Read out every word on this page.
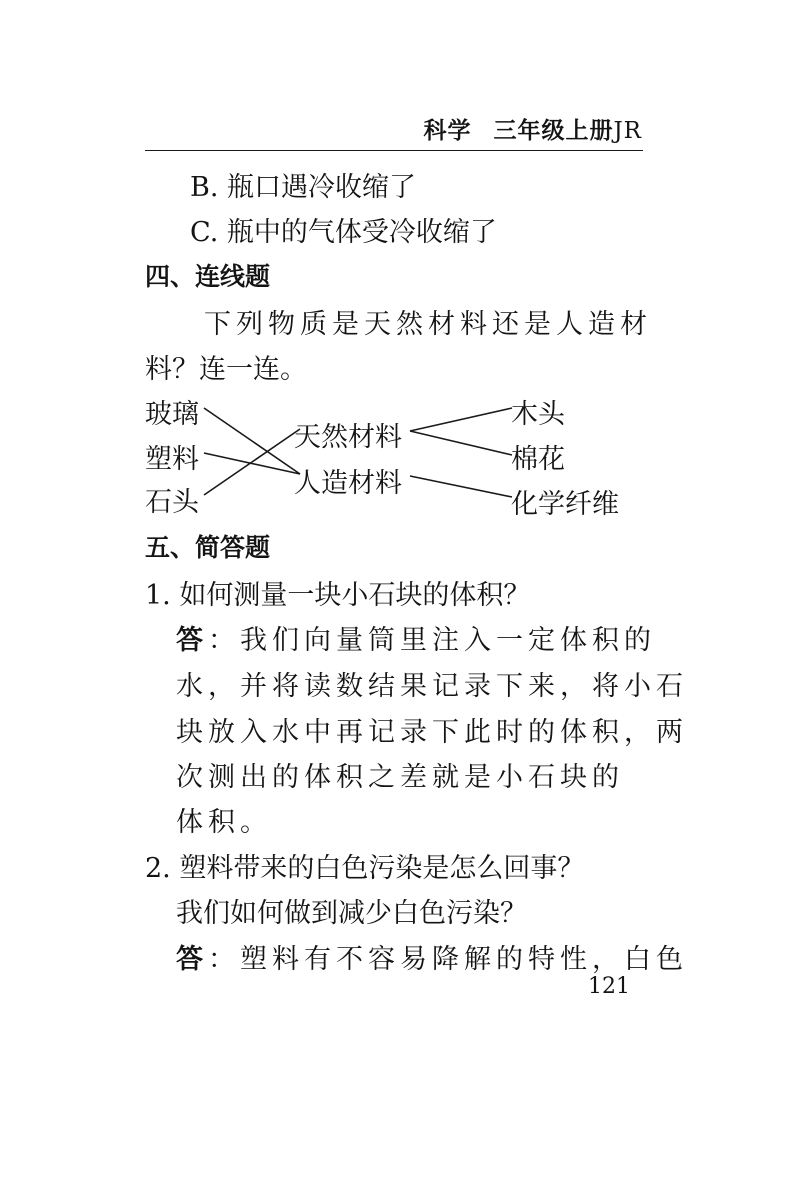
科学 三年级上册JR
B. 瓶口遇冷收缩了
C. 瓶中的气体受冷收缩了
四、连线题
下列物质是天然材料还是人造材
料？连一连。
玻璃
塑料
石头
天然材料
人造材料
木头
棉花
化学纤维
五、简答题
1. 如何测量一块小石块的体积？
答：我们向量筒里注入一定体积的
水，并将读数结果记录下来，将小石
块放入水中再记录下此时的体积，两
次测出的体积之差就是小石块的
体积。
2. 塑料带来的白色污染是怎么回事？
我们如何做到减少白色污染？
答：塑料有不容易降解的特性，白色
121
